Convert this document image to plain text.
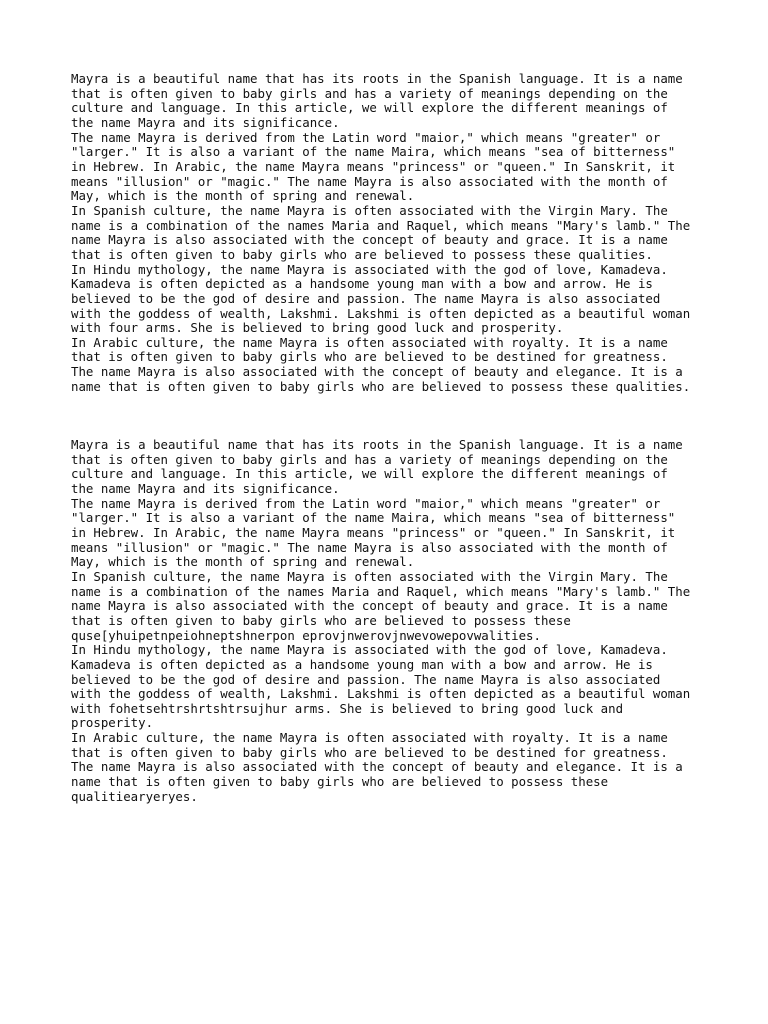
Mayra is a beautiful name that has its roots in the Spanish language. It is a name
that is often given to baby girls and has a variety of meanings depending on the
culture and language. In this article, we will explore the different meanings of
the name Mayra and its significance.
The name Mayra is derived from the Latin word "maior," which means "greater" or
"larger." It is also a variant of the name Maira, which means "sea of bitterness"
in Hebrew. In Arabic, the name Mayra means "princess" or "queen." In Sanskrit, it
means "illusion" or "magic." The name Mayra is also associated with the month of
May, which is the month of spring and renewal.
In Spanish culture, the name Mayra is often associated with the Virgin Mary. The
name is a combination of the names Maria and Raquel, which means "Mary's lamb." The
name Mayra is also associated with the concept of beauty and grace. It is a name
that is often given to baby girls who are believed to possess these qualities.
In Hindu mythology, the name Mayra is associated with the god of love, Kamadeva.
Kamadeva is often depicted as a handsome young man with a bow and arrow. He is
believed to be the god of desire and passion. The name Mayra is also associated
with the goddess of wealth, Lakshmi. Lakshmi is often depicted as a beautiful woman
with four arms. She is believed to bring good luck and prosperity.
In Arabic culture, the name Mayra is often associated with royalty. It is a name
that is often given to baby girls who are believed to be destined for greatness.
The name Mayra is also associated with the concept of beauty and elegance. It is a
name that is often given to baby girls who are believed to possess these qualities.
Mayra is a beautiful name that has its roots in the Spanish language. It is a name
that is often given to baby girls and has a variety of meanings depending on the
culture and language. In this article, we will explore the different meanings of
the name Mayra and its significance.
The name Mayra is derived from the Latin word "maior," which means "greater" or
"larger." It is also a variant of the name Maira, which means "sea of bitterness"
in Hebrew. In Arabic, the name Mayra means "princess" or "queen." In Sanskrit, it
means "illusion" or "magic." The name Mayra is also associated with the month of
May, which is the month of spring and renewal.
In Spanish culture, the name Mayra is often associated with the Virgin Mary. The
name is a combination of the names Maria and Raquel, which means "Mary's lamb." The
name Mayra is also associated with the concept of beauty and grace. It is a name
that is often given to baby girls who are believed to possess these
quse[yhuipetnpeiohneptshnerpon eprovjnwerovjnwevowepovwalities.
In Hindu mythology, the name Mayra is associated with the god of love, Kamadeva.
Kamadeva is often depicted as a handsome young man with a bow and arrow. He is
believed to be the god of desire and passion. The name Mayra is also associated
with the goddess of wealth, Lakshmi. Lakshmi is often depicted as a beautiful woman
with fohetsehtrshrtshtrsujhur arms. She is believed to bring good luck and
prosperity.
In Arabic culture, the name Mayra is often associated with royalty. It is a name
that is often given to baby girls who are believed to be destined for greatness.
The name Mayra is also associated with the concept of beauty and elegance. It is a
name that is often given to baby girls who are believed to possess these
qualitiearyeryes.
